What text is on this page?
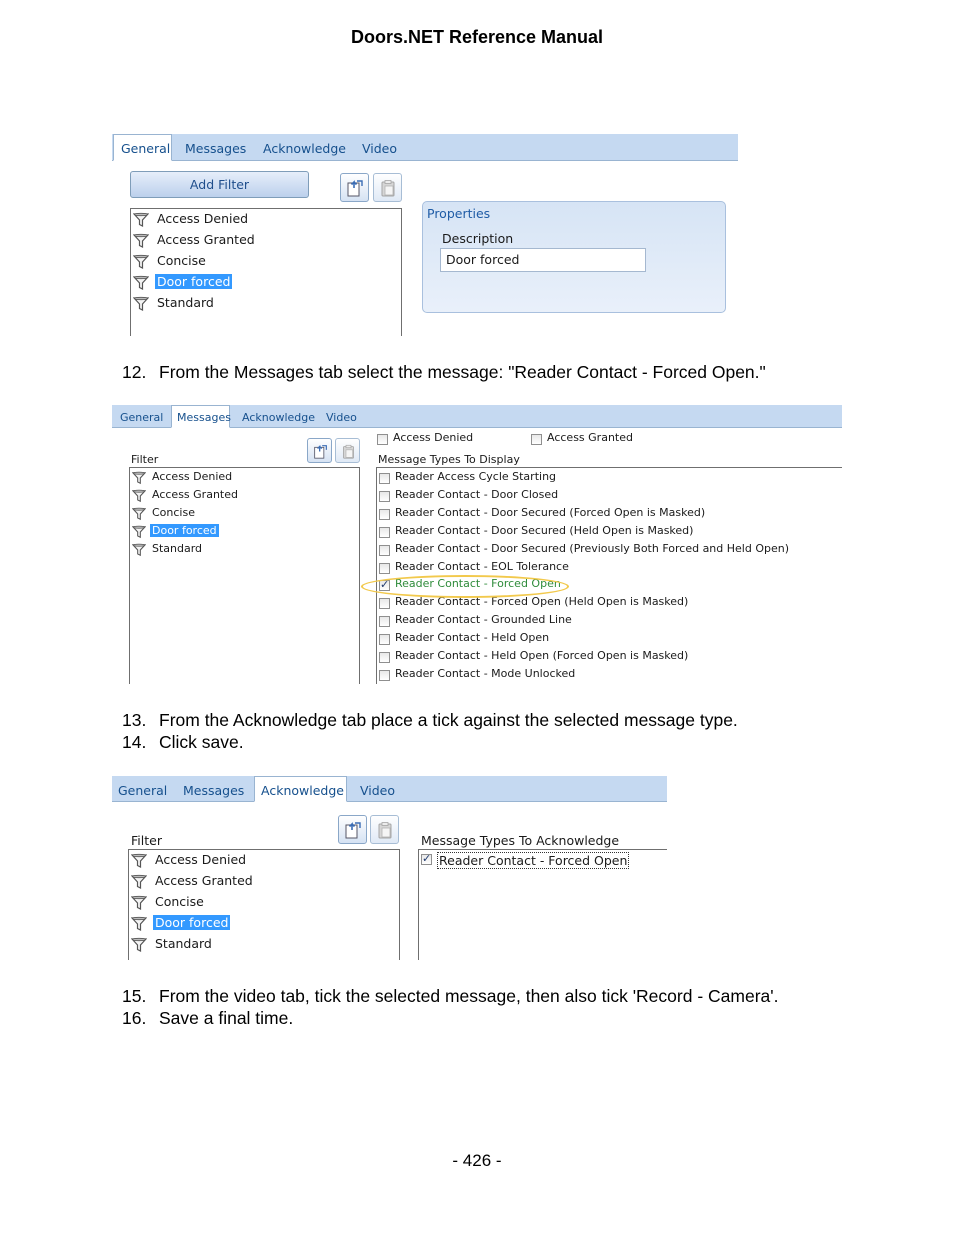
Doors.NET Reference Manual
General Messages Acknowledge Video
Add Filter
Access Denied
Access Granted
Concise
Door forced
Standard
Properties
Description
Door forced
12. From the Messages tab select the message: "Reader Contact - Forced Open."
General	Messages Acknowledge Video
Access Denied	Access Granted
Filter	Message Types To Display
Access Denied
Access Granted
Concise
Door forced
Standard
Reader Access Cycle Starting
Reader Contact - Door Closed
Reader Contact - Door Secured (Forced Open is Masked)
Reader Contact - Door Secured (Held Open is Masked)
Reader Contact - Door Secured (Previously Both Forced and Held Open)
Reader Contact - EOL Tolerance
✓
Reader Contact - Forced Open
Reader Contact - Forced Open (Held Open is Masked)
Reader Contact - Grounded Line
Reader Contact - Held Open
Reader Contact - Held Open (Forced Open is Masked)
Reader Contact - Mode Unlocked
13. From the Acknowledge tab place a tick against the selected message type.
14. Click save.
General Messages	Acknowledge Video
Filter	Message Types To Acknowledge
Access Denied
Access Granted
Concise
Door forced
Standard
✓
Reader Contact - Forced Open
15. From the video tab, tick the selected message, then also tick 'Record - Camera'.
16. Save a final time.
- 426 -
